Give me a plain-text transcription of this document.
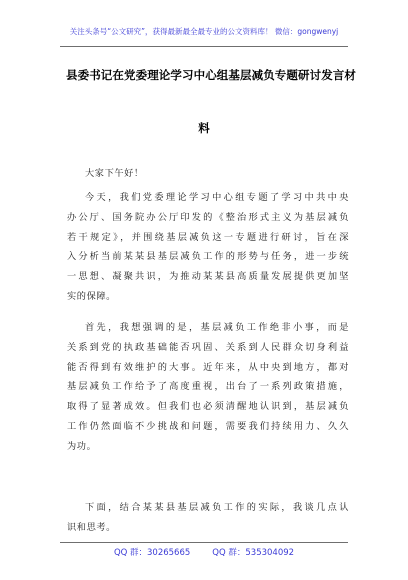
关注头条号“公文研究”，获得最新最全最专业的公文资料库！ 微信：gongwenyj
县委书记在党委理论学习中心组基层减负专题研讨发言材
料
大家下午好！
今天，我们党委理论学习中心组专题了学习中共中央
办公厅、国务院办公厅印发的《整治形式主义为基层减负
若干规定》，并围绕基层减负这一专题进行研讨，旨在深
入分析当前某某县基层减负工作的形势与任务，进一步统
一思想、凝聚共识，为推动某某县高质量发展提供更加坚
实的保障。
首先，我想强调的是，基层减负工作绝非小事，而是
关系到党的执政基础能否巩固、关系到人民群众切身利益
能否得到有效维护的大事。近年来，从中央到地方，都对
基层减负工作给予了高度重视，出台了一系列政策措施，
取得了显著成效。但我们也必须清醒地认识到，基层减负
工作仍然面临不少挑战和问题，需要我们持续用力、久久
为功。
下面，结合某某县基层减负工作的实际，我谈几点认
识和思考。
QQ 群：30265665	QQ 群：535304092
